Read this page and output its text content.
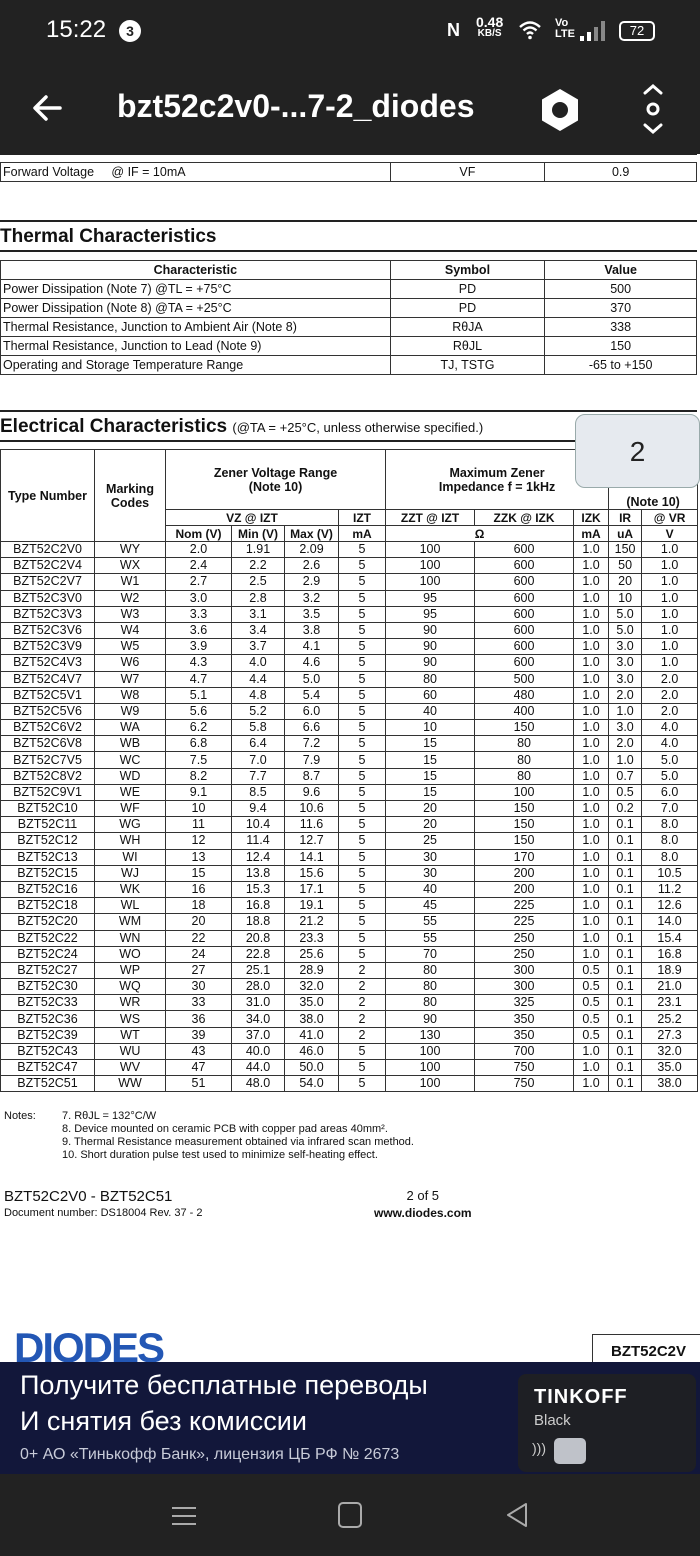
15:22	3	N 0.48
KB/S
Vo
LTE	72
bzt52c2v0-...7-2_diodes
Forward Voltage @ IF = 10mA	VF	0.9
Thermal Characteristics
Characteristic	Symbol	Value
Power Dissipation (Note 7) @TL = +75°C	PD	500
Power Dissipation (Note 8) @TA = +25°C	PD	370
Thermal Resistance, Junction to Ambient Air (Note 8)	RθJA	338
Thermal Resistance, Junction to Lead (Note 9)	RθJL	150
Operating and Storage Temperature Range	TJ, TSTG	-65 to +150
Electrical Characteristics (@TA = +25°C, unless otherwise specified.)
Type Number	Marking Codes	Zener Voltage Range (Note 10)				Maximum Zener Impedance f = 1kHz			(Note 10)	
		VZ @ IZT			IZT	ZZT @ IZT	ZZK @ IZK	IZK	IR	@ VR
		Nom (V)	Min (V)	Max (V)	mA	Ω		mA	uA	V
BZT52C2V0	WY	2.0	1.91	2.09	5	100	600	1.0	150	1.0
BZT52C2V4	WX	2.4	2.2	2.6	5	100	600	1.0	50	1.0
BZT52C2V7	W1	2.7	2.5	2.9	5	100	600	1.0	20	1.0
BZT52C3V0	W2	3.0	2.8	3.2	5	95	600	1.0	10	1.0
BZT52C3V3	W3	3.3	3.1	3.5	5	95	600	1.0	5.0	1.0
BZT52C3V6	W4	3.6	3.4	3.8	5	90	600	1.0	5.0	1.0
BZT52C3V9	W5	3.9	3.7	4.1	5	90	600	1.0	3.0	1.0
BZT52C4V3	W6	4.3	4.0	4.6	5	90	600	1.0	3.0	1.0
BZT52C4V7	W7	4.7	4.4	5.0	5	80	500	1.0	3.0	2.0
BZT52C5V1	W8	5.1	4.8	5.4	5	60	480	1.0	2.0	2.0
BZT52C5V6	W9	5.6	5.2	6.0	5	40	400	1.0	1.0	2.0
BZT52C6V2	WA	6.2	5.8	6.6	5	10	150	1.0	3.0	4.0
BZT52C6V8	WB	6.8	6.4	7.2	5	15	80	1.0	2.0	4.0
BZT52C7V5	WC	7.5	7.0	7.9	5	15	80	1.0	1.0	5.0
BZT52C8V2	WD	8.2	7.7	8.7	5	15	80	1.0	0.7	5.0
BZT52C9V1	WE	9.1	8.5	9.6	5	15	100	1.0	0.5	6.0
BZT52C10	WF	10	9.4	10.6	5	20	150	1.0	0.2	7.0
BZT52C11	WG	11	10.4	11.6	5	20	150	1.0	0.1	8.0
BZT52C12	WH	12	11.4	12.7	5	25	150	1.0	0.1	8.0
BZT52C13	WI	13	12.4	14.1	5	30	170	1.0	0.1	8.0
BZT52C15	WJ	15	13.8	15.6	5	30	200	1.0	0.1	10.5
BZT52C16	WK	16	15.3	17.1	5	40	200	1.0	0.1	11.2
BZT52C18	WL	18	16.8	19.1	5	45	225	1.0	0.1	12.6
BZT52C20	WM	20	18.8	21.2	5	55	225	1.0	0.1	14.0
BZT52C22	WN	22	20.8	23.3	5	55	250	1.0	0.1	15.4
BZT52C24	WO	24	22.8	25.6	5	70	250	1.0	0.1	16.8
BZT52C27	WP	27	25.1	28.9	2	80	300	0.5	0.1	18.9
BZT52C30	WQ	30	28.0	32.0	2	80	300	0.5	0.1	21.0
BZT52C33	WR	33	31.0	35.0	2	80	325	0.5	0.1	23.1
BZT52C36	WS	36	34.0	38.0	2	90	350	0.5	0.1	25.2
BZT52C39	WT	39	37.0	41.0	2	130	350	0.5	0.1	27.3
BZT52C43	WU	43	40.0	46.0	5	100	700	1.0	0.1	32.0
BZT52C47	WV	47	44.0	50.0	5	100	750	1.0	0.1	35.0
BZT52C51	WW	51	48.0	54.0	5	100	750	1.0	0.1	38.0
2
Notes: 7. RθJL = 132°C/W
8. Device mounted on ceramic PCB with copper pad areas 40mm².
9. Thermal Resistance measurement obtained via infrared scan method.
10. Short duration pulse test used to minimize self-heating effect.
BZT52C2V0 - BZT52C51
Document number: DS18004 Rev. 37 - 2
2 of 5
www.diodes.com
DIODES	BZT52C2V
Получите бесплатные переводы
И снятия без комиссии
0+ АО «Тинькофф Банк», лицензия ЦБ РФ № 2673
TINKOFF
Black
)))
